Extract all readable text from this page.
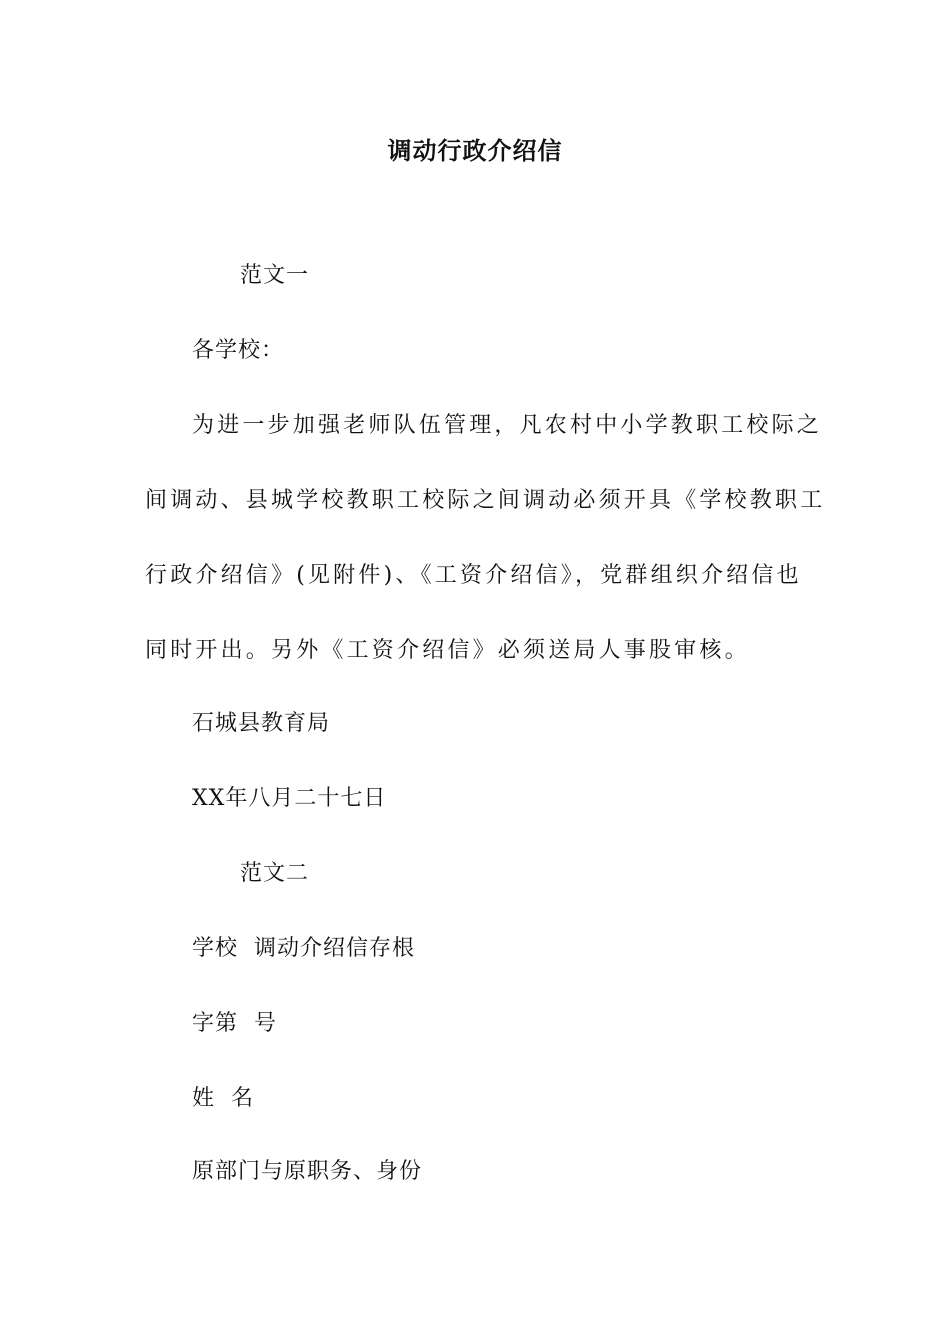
调动行政介绍信
范文一
各学校：
为进一步加强老师队伍管理，凡农村中小学教职工校际之
间调动、县城学校教职工校际之间调动必须开具《学校教职工
行政介绍信》(见附件)、《工资介绍信》，党群组织介绍信也
同时开出。另外《工资介绍信》必须送局人事股审核。
石城县教育局
XX年八月二十七日
范文二
学校  调动介绍信存根
字第  号
姓  名
原部门与原职务、身份
